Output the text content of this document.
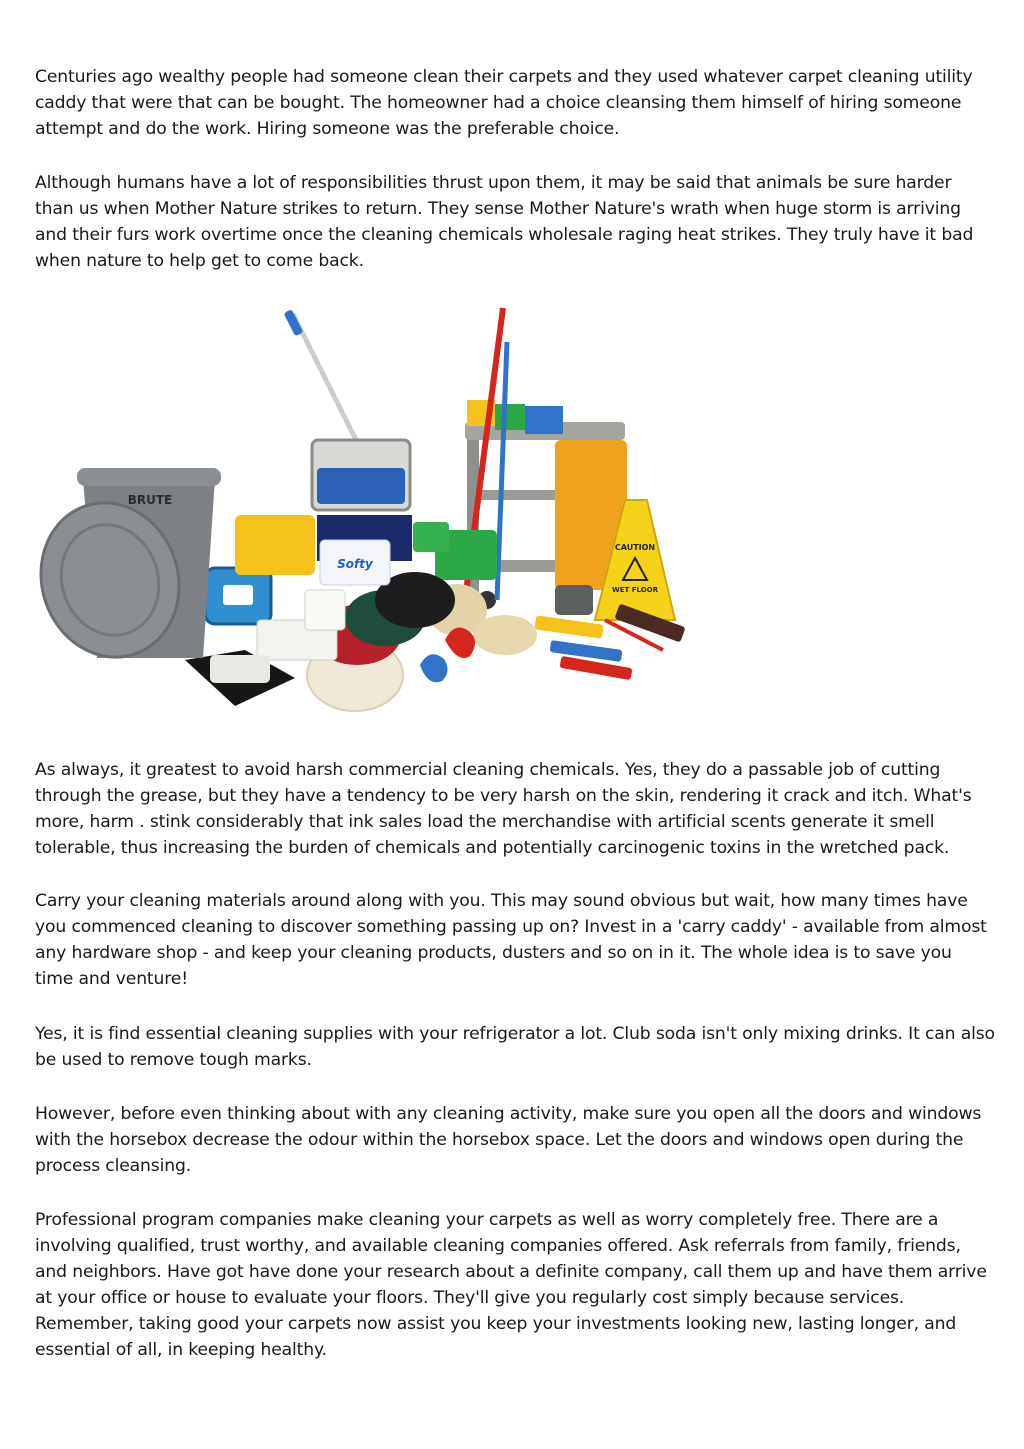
Centuries ago wealthy people had someone clean their carpets and they used whatever carpet cleaning utility caddy that were that can be bought. The homeowner had a choice cleansing them himself of hiring someone attempt and do the work. Hiring someone was the preferable choice.

Although humans have a lot of responsibilities thrust upon them, it may be said that animals be sure harder than us when Mother Nature strikes to return. They sense Mother Nature's wrath when huge storm is arriving and their furs work overtime once the cleaning chemicals wholesale raging heat strikes. They truly have it bad when nature to help get to come back.

CAUTION
WET FLOOR
Softy
BRUTE

As always, it greatest to avoid harsh commercial cleaning chemicals. Yes, they do a passable job of cutting through the grease, but they have a tendency to be very harsh on the skin, rendering it crack and itch. What's more, harm . stink considerably that ink sales load the merchandise with artificial scents generate it smell tolerable, thus increasing the burden of chemicals and potentially carcinogenic toxins in the wretched pack.

Carry your cleaning materials around along with you. This may sound obvious but wait, how many times have you commenced cleaning to discover something passing up on? Invest in a 'carry caddy' - available from almost any hardware shop - and keep your cleaning products, dusters and so on in it. The whole idea is to save you time and venture!

Yes, it is find essential cleaning supplies with your refrigerator a lot. Club soda isn't only mixing drinks. It can also be used to remove tough marks.

However, before even thinking about with any cleaning activity, make sure you open all the doors and windows with the horsebox decrease the odour within the horsebox space. Let the doors and windows open during the process cleansing.

Professional program companies make cleaning your carpets as well as worry completely free. There are a involving qualified, trust worthy, and available cleaning companies offered. Ask referrals from family, friends, and neighbors. Have got have done your research about a definite company, call them up and have them arrive at your office or house to evaluate your floors. They'll give you regularly cost simply because services. Remember, taking good your carpets now assist you keep your investments looking new, lasting longer, and essential of all, in keeping healthy.
